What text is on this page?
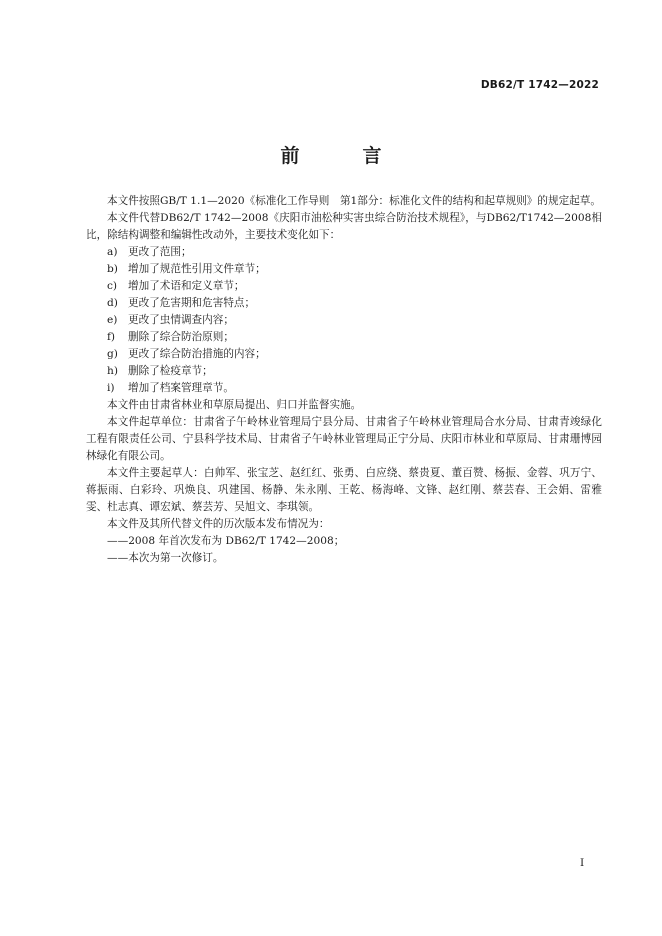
DB62/T 1742—2022
前　言

本文件按照GB/T 1.1—2020《标准化工作导则　第1部分：标准化文件的结构和起草规则》的规定起草。

本文件代替DB62/T 1742—2008《庆阳市油松种实害虫综合防治技术规程》，与DB62/T1742—2008相比，除结构调整和编辑性改动外，主要技术变化如下：

a) 更改了范围；

b) 增加了规范性引用文件章节；

c) 增加了术语和定义章节；

d) 更改了危害期和危害特点；

e) 更改了虫情调查内容；

f) 删除了综合防治原则；

g) 更改了综合防治措施的内容；

h) 删除了检疫章节；

i) 增加了档案管理章节。

本文件由甘肃省林业和草原局提出、归口并监督实施。

本文件起草单位：甘肃省子午岭林业管理局宁县分局、甘肃省子午岭林业管理局合水分局、甘肃青竣绿化工程有限责任公司、宁县科学技术局、甘肃省子午岭林业管理局正宁分局、庆阳市林业和草原局、甘肃珊博园林绿化有限公司。

本文件主要起草人：白帅军、张宝芝、赵红红、张勇、白应绕、蔡贵夏、董百赞、杨振、金蓉、巩万宁、蒋振雨、白彩玲、巩焕良、巩建国、杨静、朱永刚、王乾、杨海峰、文锋、赵红刚、蔡芸春、王会娟、雷雅雯、杜志真、谭宏斌、蔡芸芳、吴旭文、李琪领。

本文件及其所代替文件的历次版本发布情况为：

——2008 年首次发布为 DB62/T 1742—2008；

——本次为第一次修订。

I
